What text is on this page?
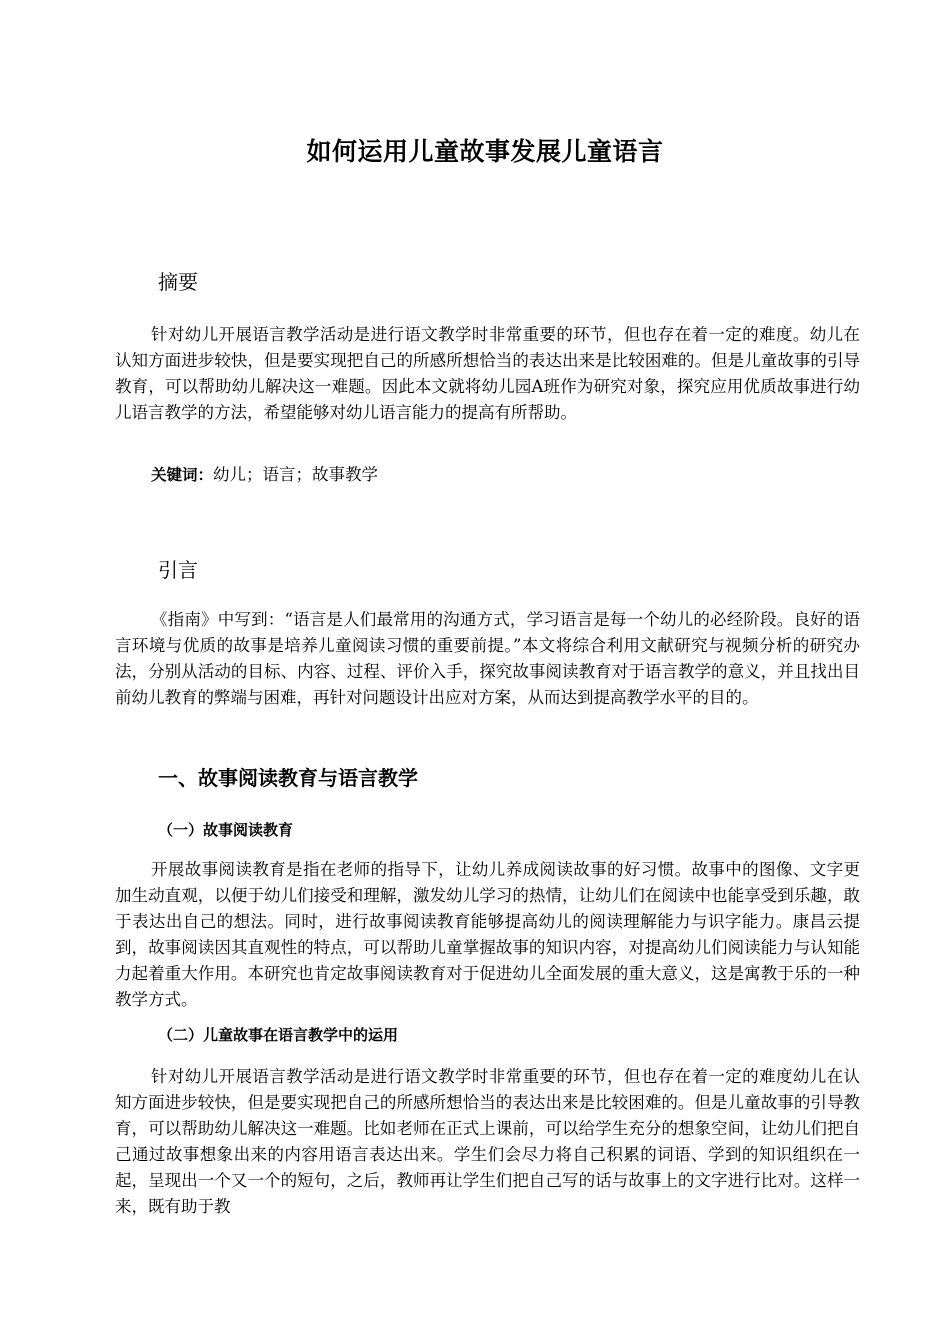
如何运用儿童故事发展儿童语言
摘要

针对幼儿开展语言教学活动是进行语文教学时非常重要的环节，但也存在着一定的难度。幼儿在认知方面进步较快，但是要实现把自己的所感所想恰当的表达出来是比较困难的。但是儿童故事的引导教育，可以帮助幼儿解决这一难题。因此本文就将幼儿园A班作为研究对象，探究应用优质故事进行幼儿语言教学的方法，希望能够对幼儿语言能力的提高有所帮助。

关键词：幼儿；语言；故事教学
引言

《指南》中写到：“语言是人们最常用的沟通方式，学习语言是每一个幼儿的必经阶段。良好的语言环境与优质的故事是培养儿童阅读习惯的重要前提。”本文将综合利用文献研究与视频分析的研究办法，分别从活动的目标、内容、过程、评价入手，探究故事阅读教育对于语言教学的意义，并且找出目前幼儿教育的弊端与困难，再针对问题设计出应对方案，从而达到提高教学水平的目的。

一、故事阅读教育与语言教学
（一）故事阅读教育

开展故事阅读教育是指在老师的指导下，让幼儿养成阅读故事的好习惯。故事中的图像、文字更加生动直观，以便于幼儿们接受和理解，激发幼儿学习的热情，让幼儿们在阅读中也能享受到乐趣，敢于表达出自己的想法。同时，进行故事阅读教育能够提高幼儿的阅读理解能力与识字能力。康昌云提到，故事阅读因其直观性的特点，可以帮助儿童掌握故事的知识内容，对提高幼儿们阅读能力与认知能力起着重大作用。本研究也肯定故事阅读教育对于促进幼儿全面发展的重大意义，这是寓教于乐的一种教学方式。

（二）儿童故事在语言教学中的运用

针对幼儿开展语言教学活动是进行语文教学时非常重要的环节，但也存在着一定的难度幼儿在认知方面进步较快，但是要实现把自己的所感所想恰当的表达出来是比较困难的。但是儿童故事的引导教育，可以帮助幼儿解决这一难题。比如老师在正式上课前，可以给学生充分的想象空间，让幼儿们把自己通过故事想象出来的内容用语言表达出来。学生们会尽力将自己积累的词语、学到的知识组织在一起，呈现出一个又一个的短句，之后，教师再让学生们把自己写的话与故事上的文字进行比对。这样一来，既有助于教
